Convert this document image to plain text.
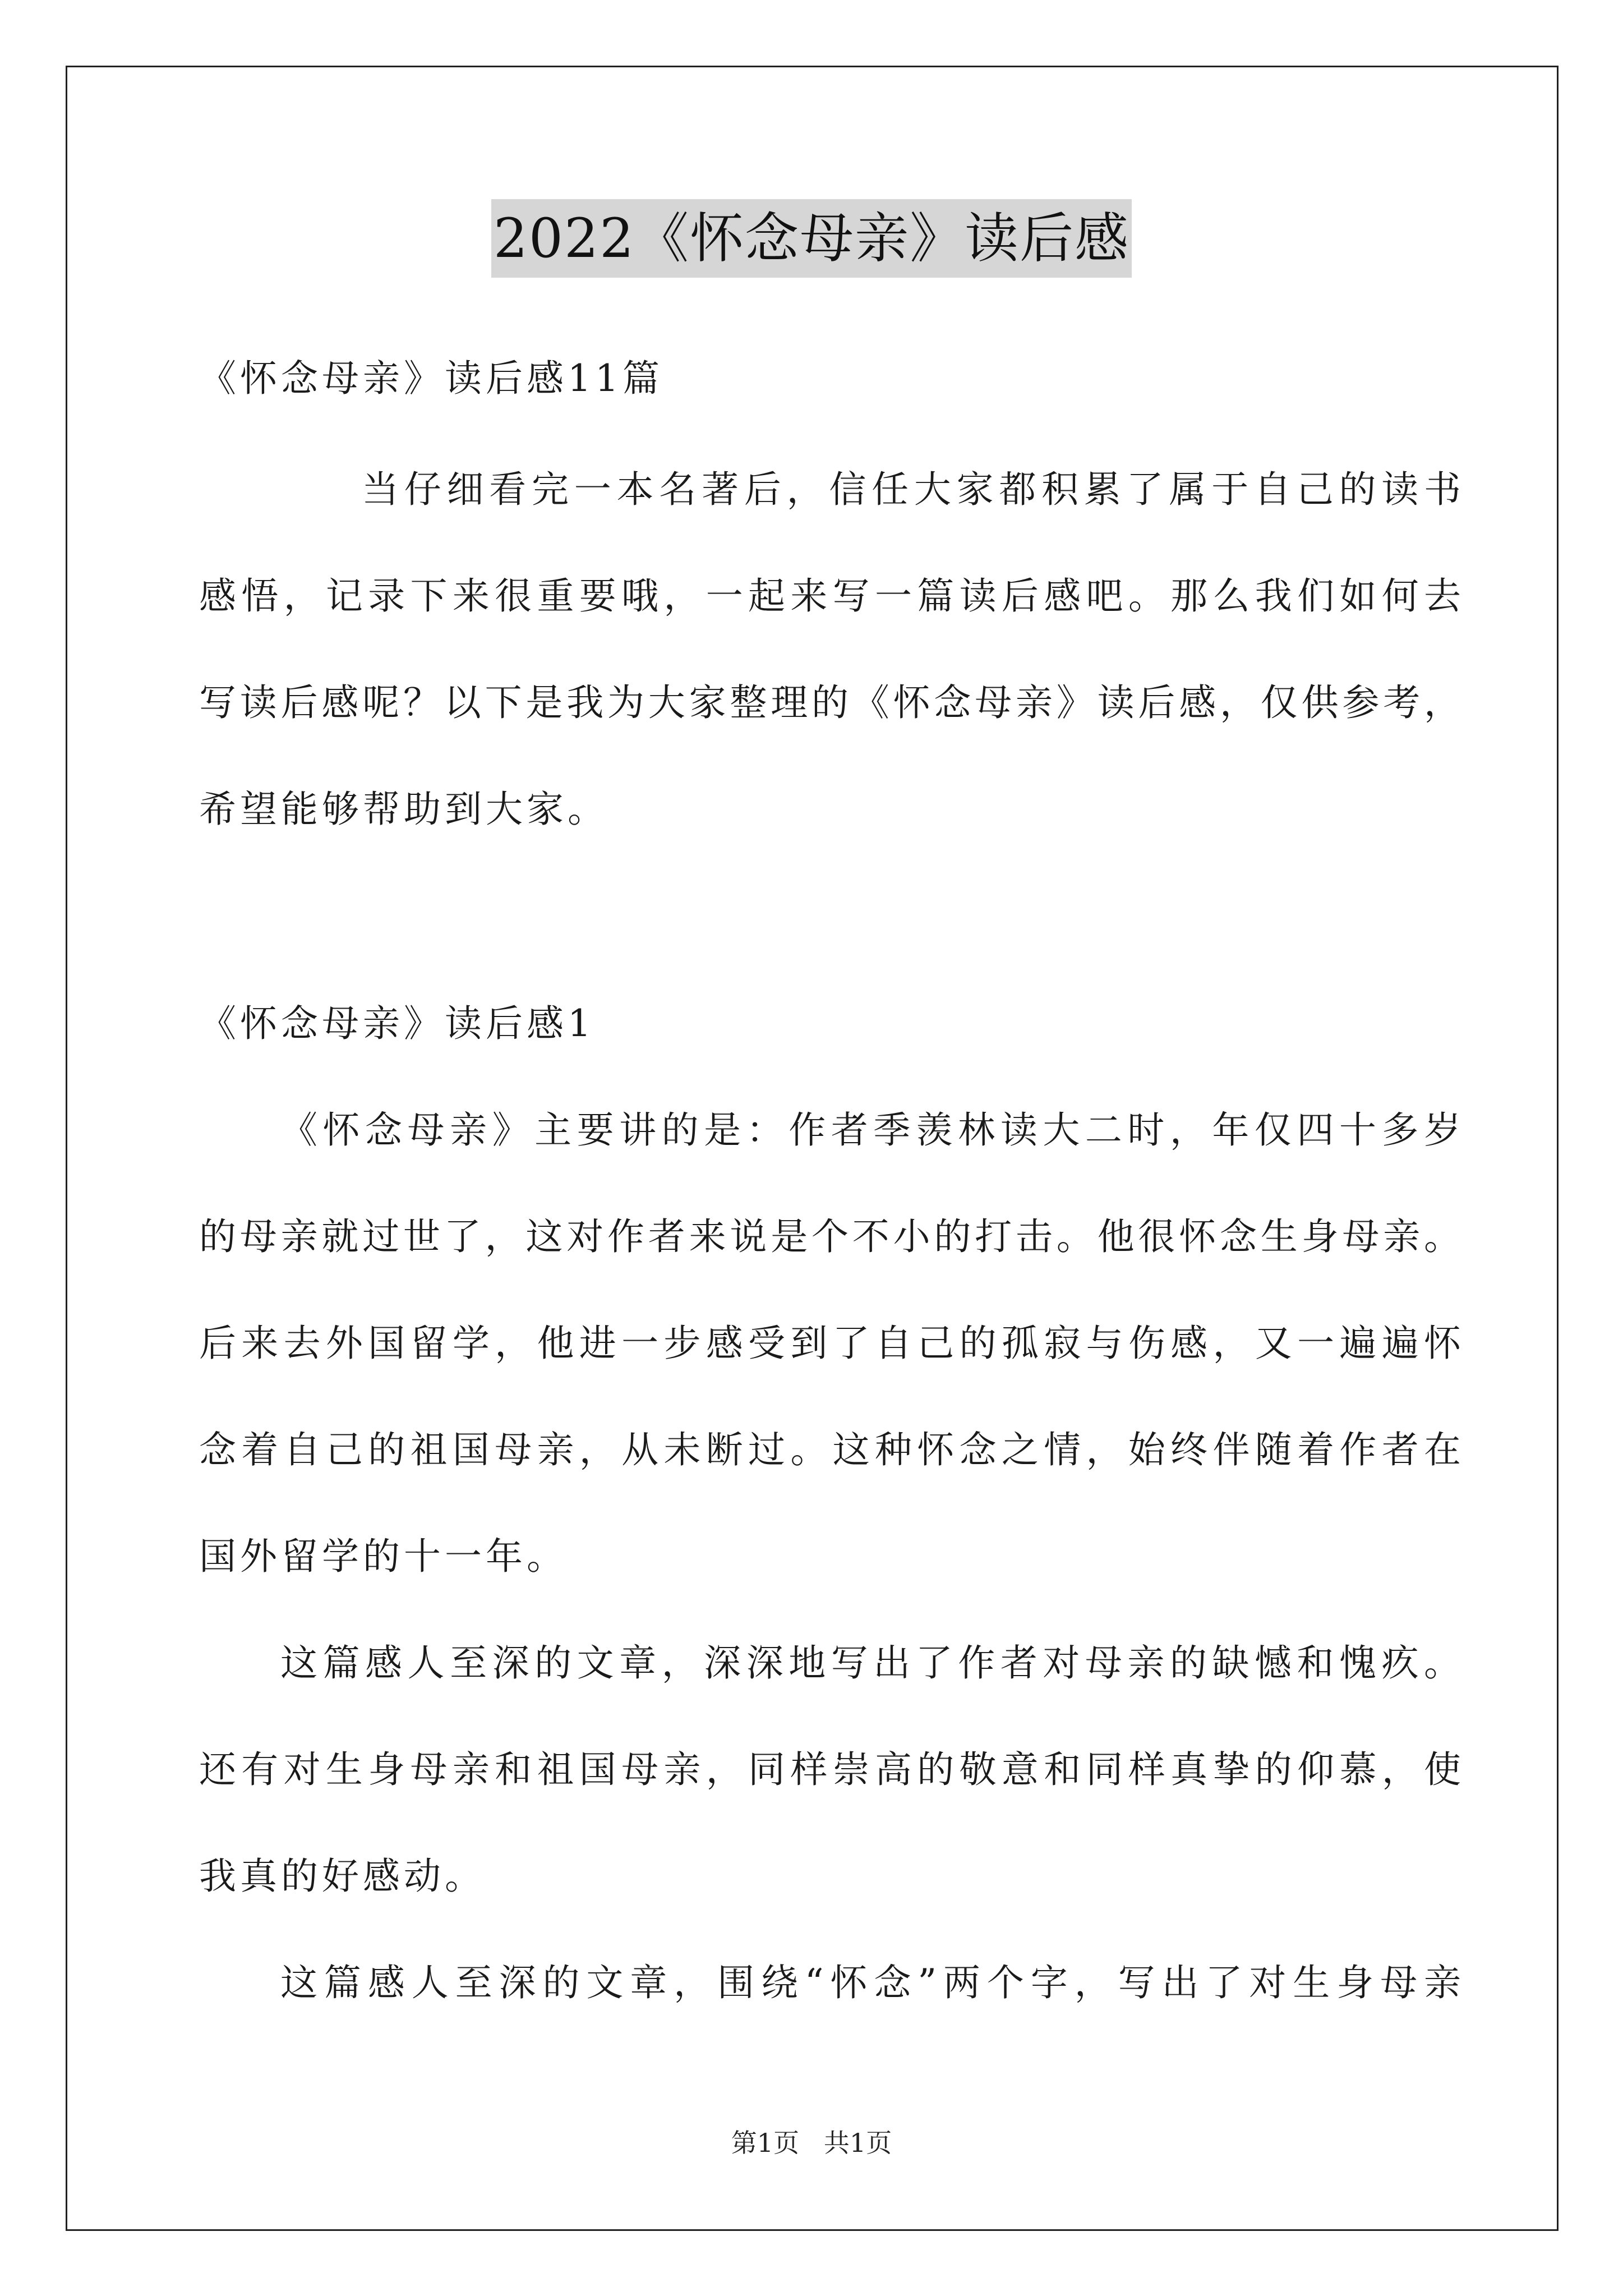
2022《怀念母亲》读后感
《怀念母亲》读后感11篇
当仔细看完一本名著后，信任大家都积累了属于自己的读书
感悟，记录下来很重要哦，一起来写一篇读后感吧。那么我们如何去
写读后感呢？以下是我为大家整理的《怀念母亲》读后感，仅供参考，
希望能够帮助到大家。
《怀念母亲》读后感1
《怀念母亲》主要讲的是：作者季羡林读大二时，年仅四十多岁
的母亲就过世了，这对作者来说是个不小的打击。他很怀念生身母亲。
后来去外国留学，他进一步感受到了自己的孤寂与伤感，又一遍遍怀
念着自己的祖国母亲，从未断过。这种怀念之情，始终伴随着作者在
国外留学的十一年。
这篇感人至深的文章，深深地写出了作者对母亲的缺憾和愧疚。
还有对生身母亲和祖国母亲，同样崇高的敬意和同样真挚的仰慕，使
我真的好感动。
这篇感人至深的文章，围绕“怀念”两个字，写出了对生身母亲
第1页   共1页
